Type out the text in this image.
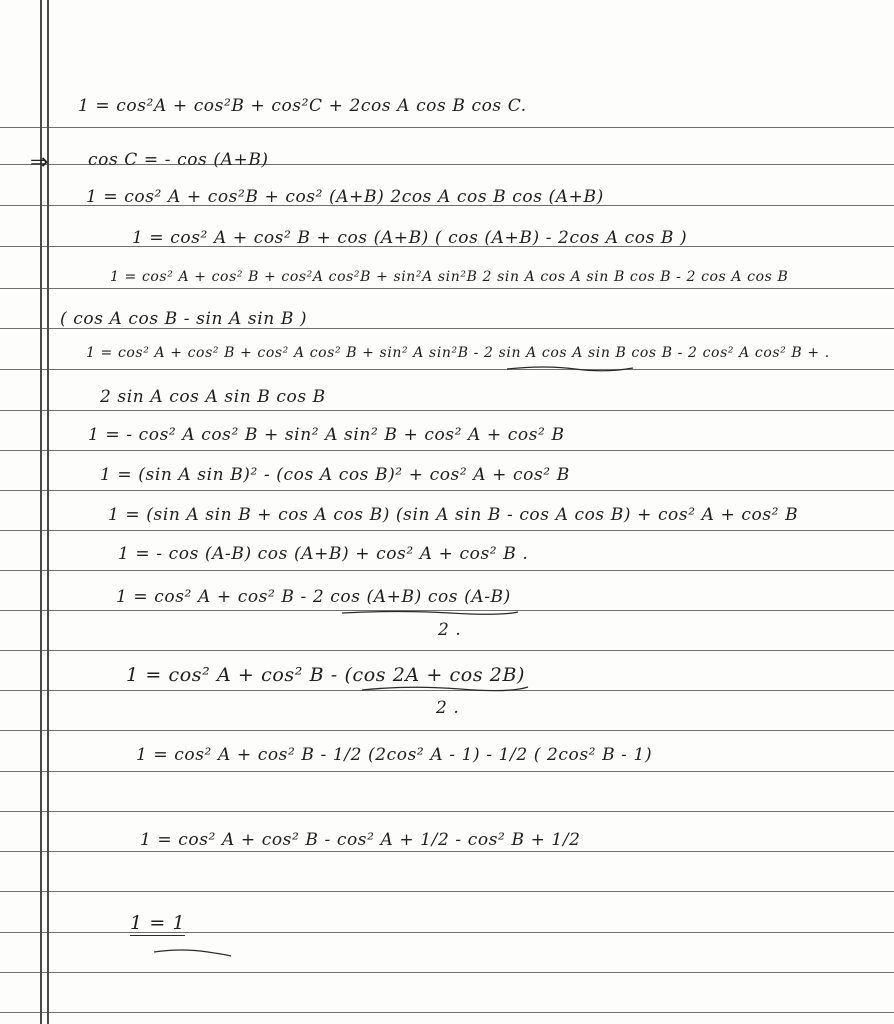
⇒
1 = cos²A + cos²B + cos²C + 2cos A cos B cos C.
cos C = - cos (A+B)
1 = cos² A + cos²B + cos² (A+B) 2cos A cos B cos (A+B)
1 = cos² A + cos² B + cos (A+B) ( cos (A+B) - 2cos A cos B )
1 = cos² A + cos² B + cos²A cos²B + sin²A sin²B 2 sin A cos A sin B cos B - 2 cos A cos B
( cos A cos B - sin A sin B )
1 = cos² A + cos² B + cos² A cos² B + sin² A sin²B - 2 sin A cos A sin B cos B - 2 cos² A cos² B + .
2 sin A cos A sin B cos B
1 = - cos² A cos² B + sin² A sin² B + cos² A + cos² B
1 = (sin A sin B)² - (cos A cos B)² + cos² A + cos² B
1 = (sin A sin B + cos A cos B) (sin A sin B - cos A cos B) + cos² A + cos² B
1 = - cos (A-B) cos (A+B) + cos² A + cos² B .
1 = cos² A + cos² B - 2 cos (A+B) cos (A-B)
2 .
1 = cos² A + cos² B - (cos 2A + cos 2B)
2 .
1 = cos² A + cos² B - 1/2 (2cos² A - 1) - 1/2 ( 2cos² B - 1)
1 = cos² A + cos² B - cos² A + 1/2 - cos² B + 1/2
1 = 1
